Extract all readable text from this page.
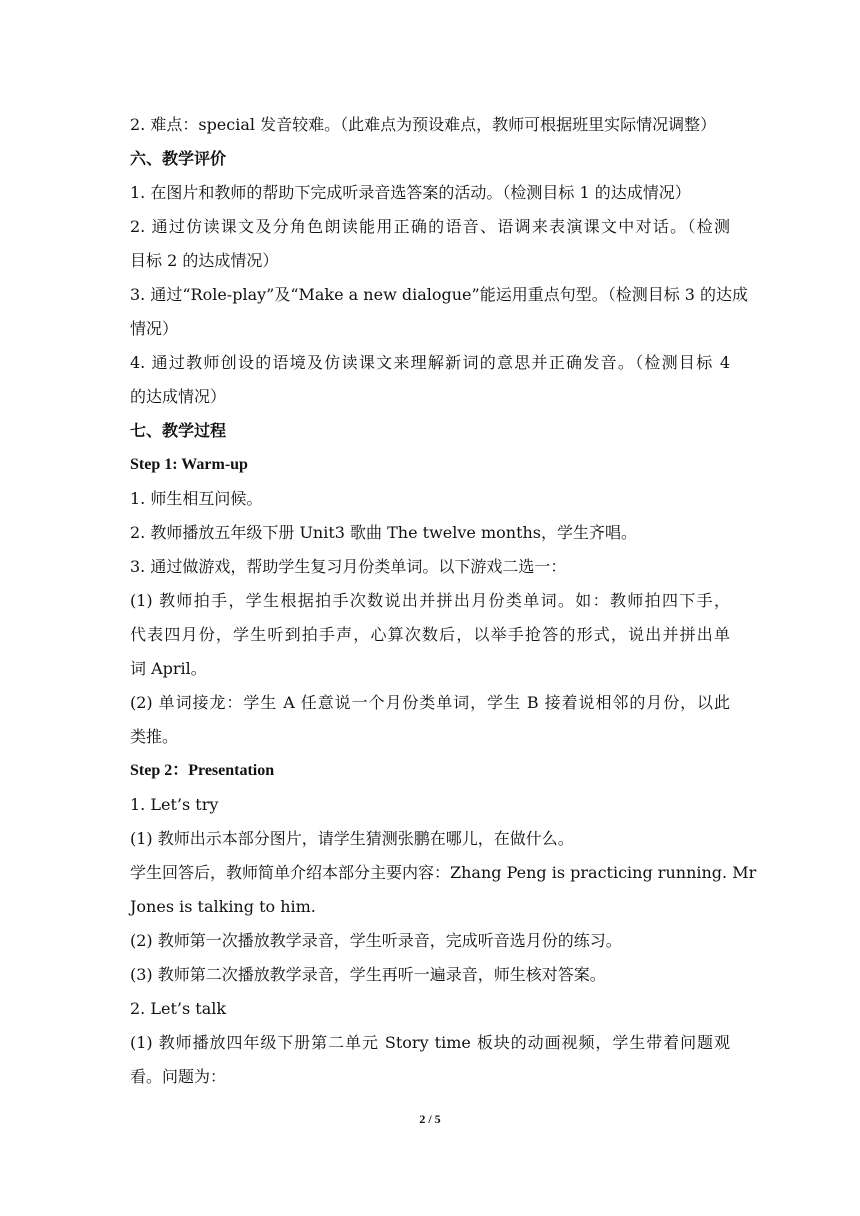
2. 难点：special 发音较难。（此难点为预设难点，教师可根据班里实际情况调整）
六、教学评价
1. 在图片和教师的帮助下完成听录音选答案的活动。（检测目标 1 的达成情况）
2. 通过仿读课文及分角色朗读能用正确的语音、语调来表演课文中对话。（检测
目标 2 的达成情况）
3. 通过“Role-play”及“Make a new dialogue”能运用重点句型。（检测目标 3 的达成
情况）
4. 通过教师创设的语境及仿读课文来理解新词的意思并正确发音。（检测目标 4
的达成情况）
七、教学过程
Step 1: Warm-up
1. 师生相互问候。
2. 教师播放五年级下册 Unit3 歌曲 The twelve months，学生齐唱。
3. 通过做游戏，帮助学生复习月份类单词。以下游戏二选一：
(1) 教师拍手，学生根据拍手次数说出并拼出月份类单词。如：教师拍四下手，
代表四月份，学生听到拍手声，心算次数后，以举手抢答的形式，说出并拼出单
词 April。
(2) 单词接龙：学生 A 任意说一个月份类单词，学生 B 接着说相邻的月份，以此
类推。
Step 2：Presentation
1. Let’s try
(1) 教师出示本部分图片，请学生猜测张鹏在哪儿，在做什么。
学生回答后，教师简单介绍本部分主要内容：Zhang Peng is practicing running. Mr
Jones is talking to him.
(2) 教师第一次播放教学录音，学生听录音，完成听音选月份的练习。
(3) 教师第二次播放教学录音，学生再听一遍录音，师生核对答案。
2. Let’s talk
(1) 教师播放四年级下册第二单元 Story time 板块的动画视频，学生带着问题观
看。问题为：
2 / 5
